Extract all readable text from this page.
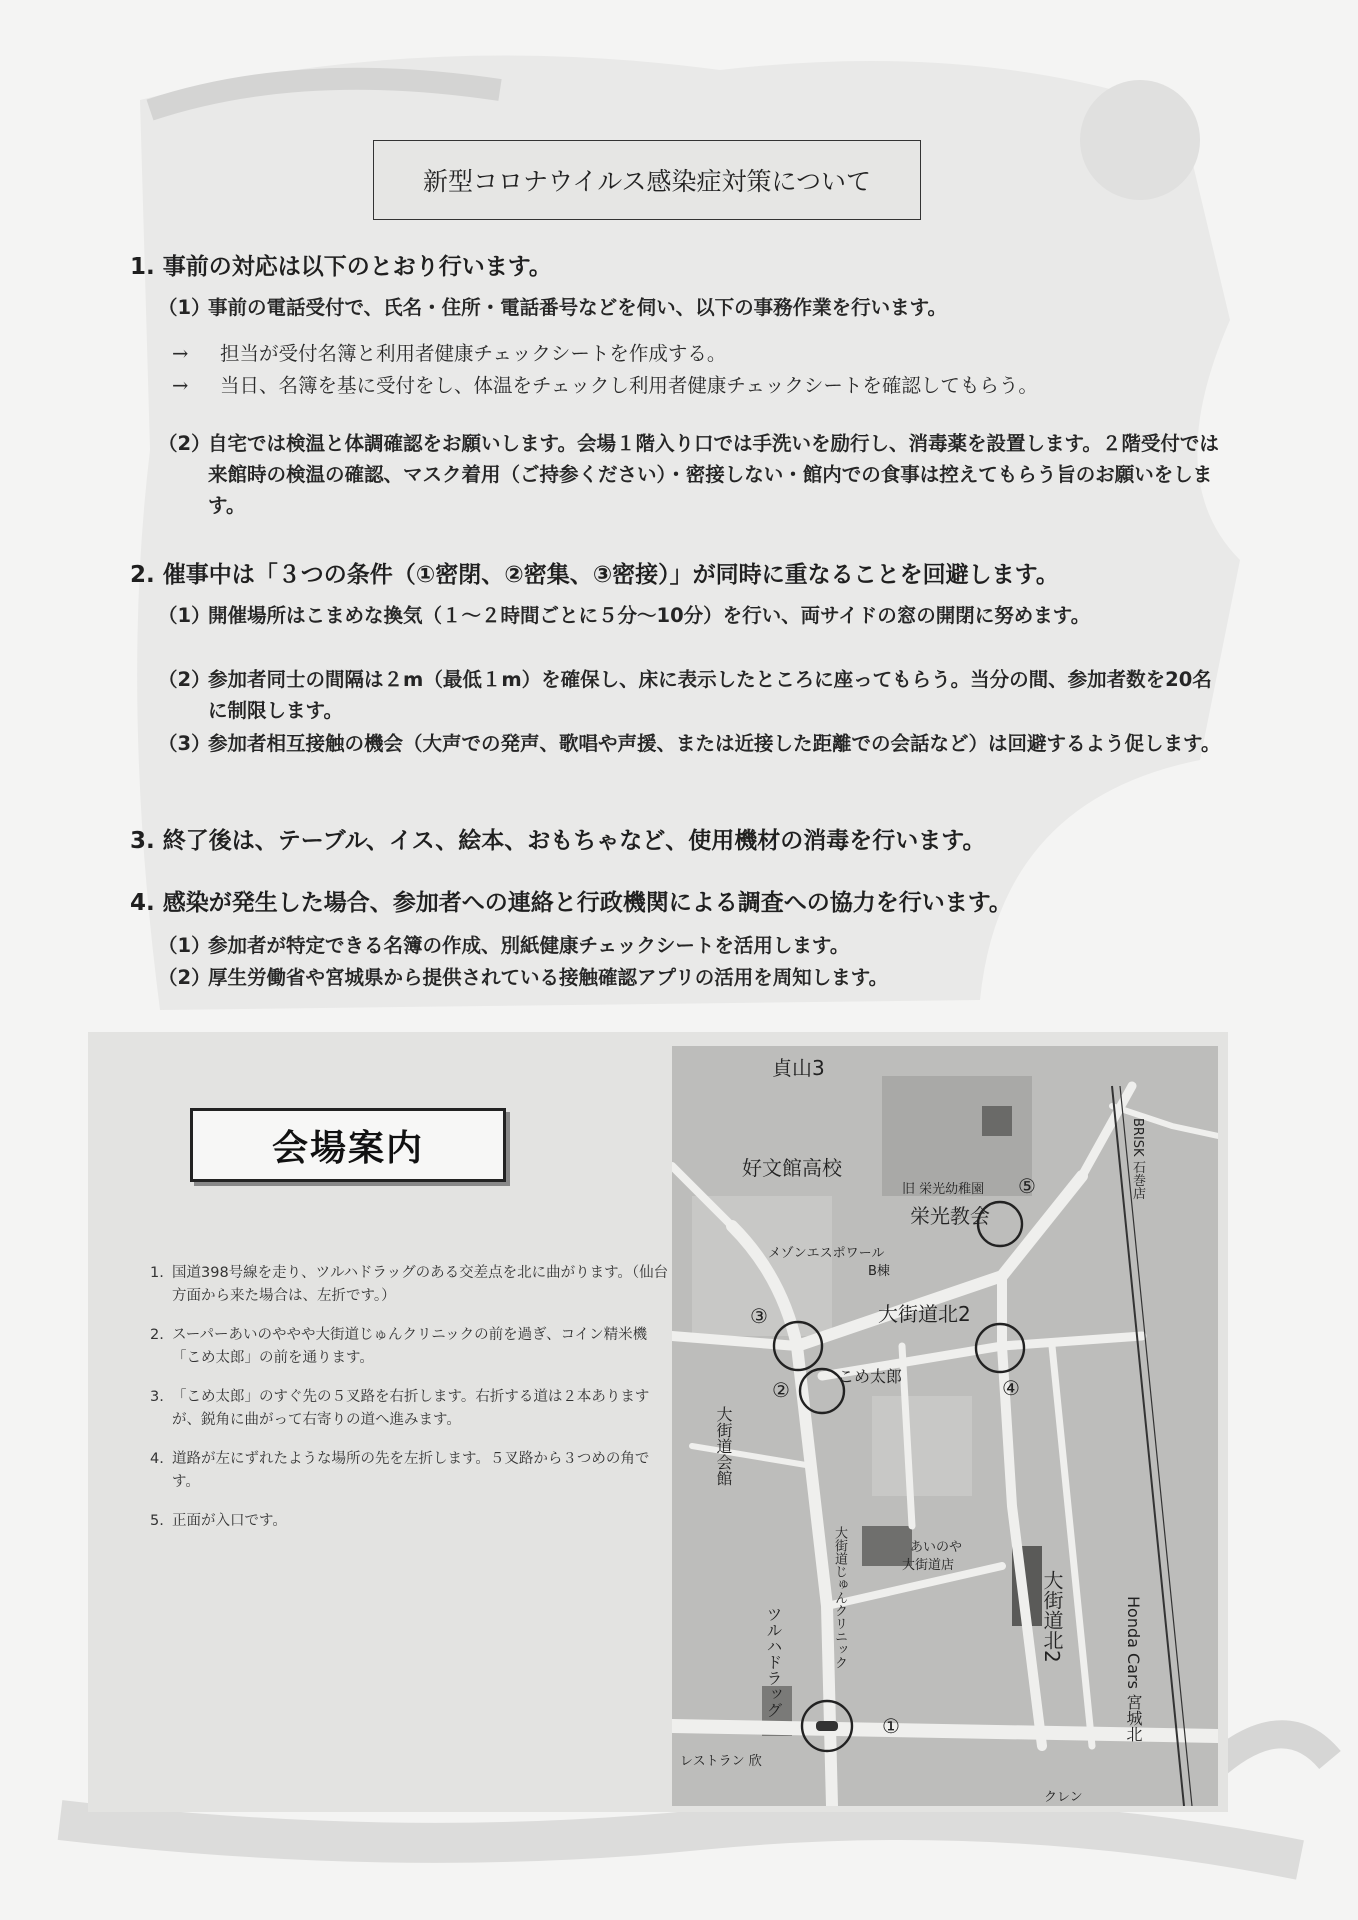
新型コロナウイルス感染症対策について
1. 事前の対応は以下のとおり行います。
（1）事前の電話受付で、氏名・住所・電話番号などを伺い、以下の事務作業を行います。
→ 担当が受付名簿と利用者健康チェックシートを作成する。
→ 当日、名簿を基に受付をし、体温をチェックし利用者健康チェックシートを確認してもらう。
（2）
自宅では検温と体調確認をお願いします。会場１階入り口では手洗いを励行し、消毒薬を設置します。２階受付では来館時の検温の確認、マスク着用（ご持参ください）・密接しない・館内での食事は控えてもらう旨のお願いをします。
2. 催事中は「３つの条件（①密閉、②密集、③密接）」が同時に重なることを回避します。
（1）
開催場所はこまめな換気（１～２時間ごとに５分～10分）を行い、両サイドの窓の開閉に努めます。
（2）
参加者同士の間隔は２m（最低１m）を確保し、床に表示したところに座ってもらう。当分の間、参加者数を20名に制限します。
（3）
参加者相互接触の機会（大声での発声、歌唱や声援、または近接した距離での会話など）は回避するよう促します。
3. 終了後は、テーブル、イス、絵本、おもちゃなど、使用機材の消毒を行います。
4. 感染が発生した場合、参加者への連絡と行政機関による調査への協力を行います。
（1）参加者が特定できる名簿の作成、別紙健康チェックシートを活用します。
（2）厚生労働省や宮城県から提供されている接触確認アプリの活用を周知します。
会場案内
1. 国道398号線を走り、ツルハドラッグのある交差点を北に曲がります。（仙台方面から来た場合は、左折です。）
2. スーパーあいのややや大街道じゅんクリニックの前を過ぎ、コイン精米機「こめ太郎」の前を通ります。
3. 「こめ太郎」のすぐ先の５叉路を右折します。右折する道は２本ありますが、鋭角に曲がって右寄りの道へ進みます。
4. 道路が左にずれたような場所の先を左折します。５叉路から３つめの角です。
5. 正面が入口です。
貞山3
好文館高校
旧 栄光幼稚園
栄光教会
メゾンエスポワール
B棟
大街道北2
こめ太郎
大街道会館
大街道じゅんクリニック	あいのや
大街道店
ツルハドラッグ	大街道北2	Honda Cars 宮城北
BRISK 石巻店
レストラン 欣
クレン
①
②
③
④
⑤
